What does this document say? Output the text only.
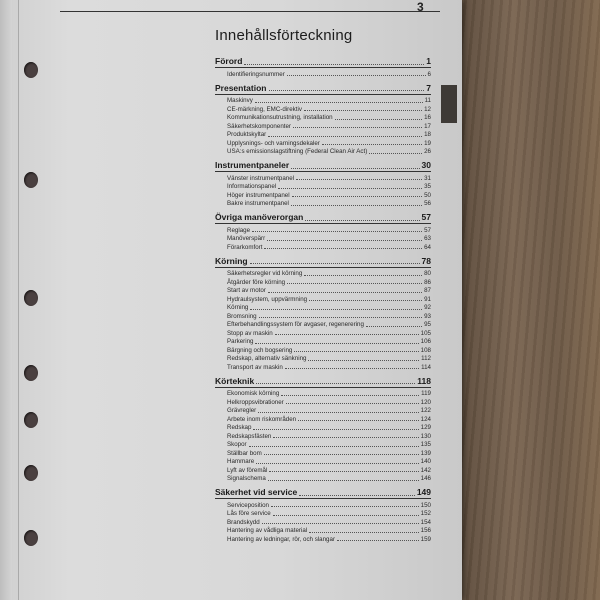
3
Innehållsförteckning
Förord	1
Identifieringsnummer	6
Presentation	7
Maskinvy	11
CE-märkning, EMC-direktiv	12
Kommunikationsutrustning, installation	16
Säkerhetskomponenter	17
Produktskyltar	18
Upplysnings- och varningsdekaler	19
USA:s emissionslagstiftning (Federal Clean Air Act)	26
Instrumentpaneler	30
Vänster instrumentpanel	31
Informationspanel	35
Höger instrumentpanel	50
Bakre instrumentpanel	56
Övriga manöverorgan	57
Reglage	57
Manöverspärr	63
Förarkomfort	64
Körning	78
Säkerhetsregler vid körning	80
Åtgärder före körning	86
Start av motor	87
Hydraulsystem, uppvärmning	91
Körning	92
Bromsning	93
Efterbehandlingssystem för avgaser, regenerering	95
Stopp av maskin	105
Parkering	106
Bärgning och bogsering	108
Redskap, alternativ sänkning	112
Transport av maskin	114
Körteknik	118
Ekonomisk körning	119
Helkroppsvibrationer	120
Grävregler	122
Arbete inom riskområden	124
Redskap	129
Redskapsfästen	130
Skopor	135
Ställbar bom	139
Hammare	140
Lyft av föremål	142
Signalschema	146
Säkerhet vid service	149
Serviceposition	150
Lås före service	152
Brandskydd	154
Hantering av vådliga material	156
Hantering av ledningar, rör, och slangar	159
